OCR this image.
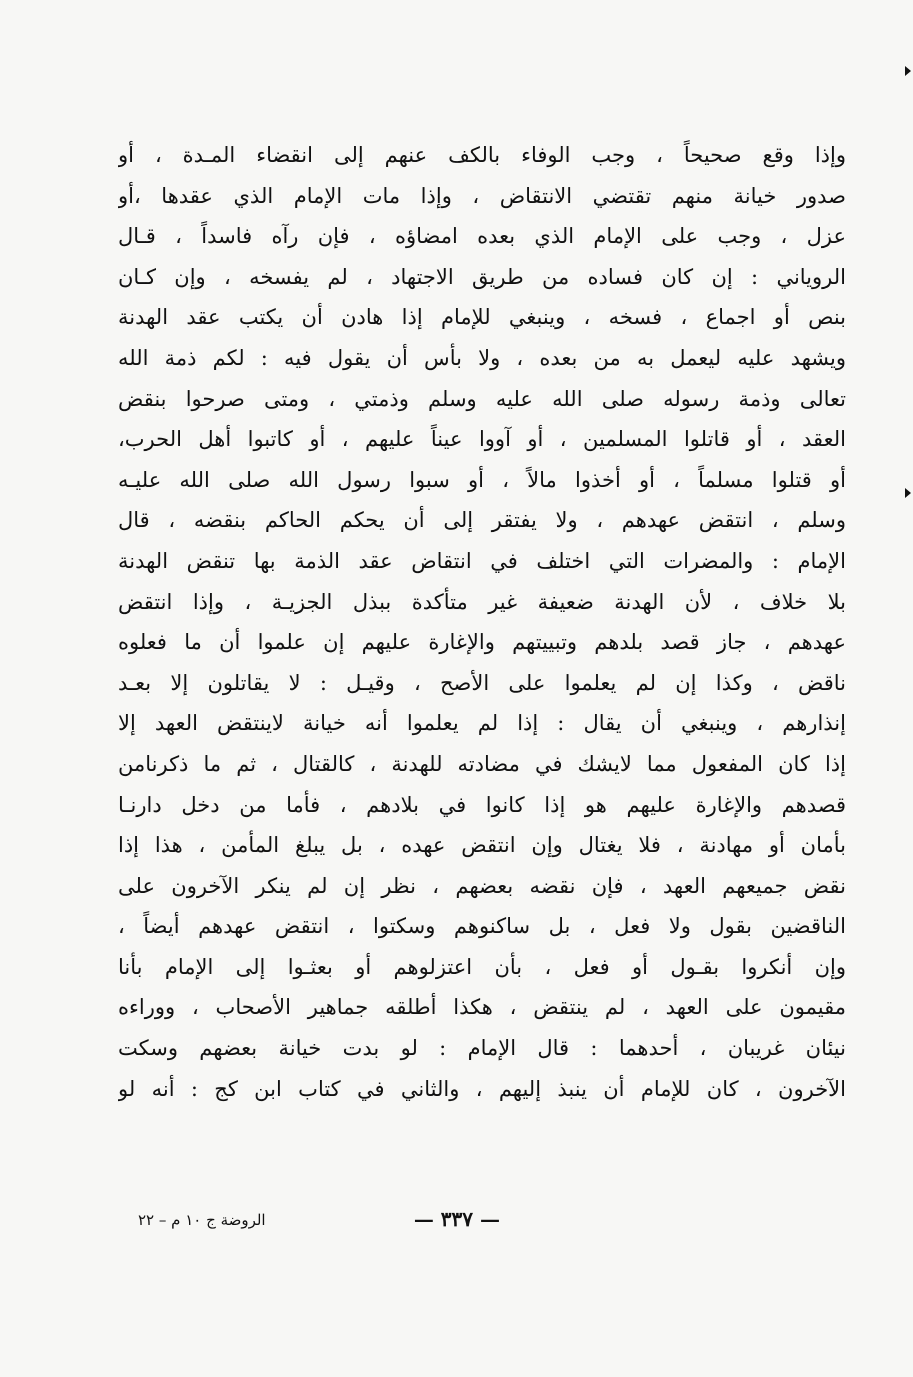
وإذا وقع صحيحاً ، وجب الوفاء بالكف عنهم إلى انقضاء المـدة ، أو
صدور خيانة منهم تقتضي الانتقاض ، وإذا مات الإمام الذي عقدها ،أو
عزل ، وجب على الإمام الذي بعده امضاؤه ، فإن رآه فاسداً ، قـال
الروياني : إن كان فساده من طريق الاجتهاد ، لم يفسخه ، وإن كـان
بنص أو اجماع ، فسخه ، وينبغي للإمام إذا هادن أن يكتب عقد الهدنة
ويشهد عليه ليعمل به من بعده ، ولا بأس أن يقول فيه : لكم ذمة الله
تعالى وذمة رسوله صلى الله عليه وسلم وذمتي ، ومتى صرحوا بنقض
العقد ، أو قاتلوا المسلمين ، أو آووا عيناً عليهم ، أو كاتبوا أهل الحرب،
أو قتلوا مسلماً ، أو أخذوا مالاً ، أو سبوا رسول الله صلى الله عليـه
وسلم ، انتقض عهدهم ، ولا يفتقر إلى أن يحكم الحاكم بنقضه ، قال
الإمام : والمضرات التي اختلف في انتقاض عقد الذمة بها تنقض الهدنة
بلا خلاف ، لأن الهدنة ضعيفة غير متأكدة ببذل الجزيـة ، وإذا انتقض
عهدهم ، جاز قصد بلدهم وتبييتهم والإغارة عليهم إن علموا أن ما فعلوه
ناقض ، وكذا إن لم يعلموا على الأصح ، وقيـل : لا يقاتلون إلا بعـد
إنذارهم ، وينبغي أن يقال : إذا لم يعلموا أنه خيانة لاينتقض العهد إلا
إذا كان المفعول مما لايشك في مضادته للهدنة ، كالقتال ، ثم ما ذكرنامن
قصدهم والإغارة عليهم هو إذا كانوا في بلادهم ، فأما من دخل دارنـا
بأمان أو مهادنة ، فلا يغتال وإن انتقض عهده ، بل يبلغ المأمن ، هذا إذا
نقض جميعهم العهد ، فإن نقضه بعضهم ، نظر إن لم ينكر الآخرون على
الناقضين بقول ولا فعل ، بل ساكنوهم وسكتوا ، انتقض عهدهم أيضاً ،
وإن أنكروا بقـول أو فعل ، بأن اعتزلوهم أو بعثـوا إلى الإمام بأنا
مقيمون على العهد ، لم ينتقض ، هكذا أطلقه جماهير الأصحاب ، ووراءه
نيئان غريبان ، أحدهما : قال الإمام : لو بدت خيانة بعضهم وسكت
الآخرون ، كان للإمام أن ينبذ إليهم ، والثاني في كتاب ابن كج : أنه لو
— ٣٣٧ —
الروضة ج ١٠ م – ٢٢
